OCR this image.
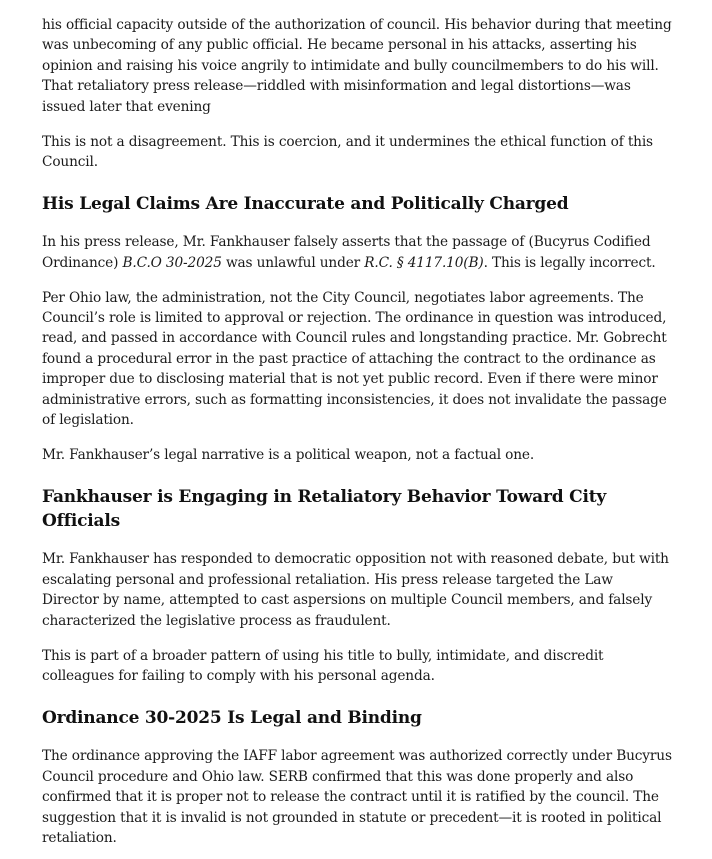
his official capacity outside of the authorization of council. His behavior during that meeting was unbecoming of any public official. He became personal in his attacks, asserting his opinion and raising his voice angrily to intimidate and bully councilmembers to do his will. That retaliatory press release—riddled with misinformation and legal distortions—was issued later that evening

This is not a disagreement. This is coercion, and it undermines the ethical function of this Council.

His Legal Claims Are Inaccurate and Politically Charged

In his press release, Mr. Fankhauser falsely asserts that the passage of (Bucyrus Codified Ordinance) B.C.O 30-2025 was unlawful under R.C. § 4117.10(B). This is legally incorrect.

Per Ohio law, the administration, not the City Council, negotiates labor agreements. The Council’s role is limited to approval or rejection. The ordinance in question was introduced, read, and passed in accordance with Council rules and longstanding practice. Mr. Gobrecht found a procedural error in the past practice of attaching the contract to the ordinance as improper due to disclosing material that is not yet public record. Even if there were minor administrative errors, such as formatting inconsistencies, it does not invalidate the passage of legislation.

Mr. Fankhauser’s legal narrative is a political weapon, not a factual one.

Fankhauser is Engaging in Retaliatory Behavior Toward City Officials

Mr. Fankhauser has responded to democratic opposition not with reasoned debate, but with escalating personal and professional retaliation. His press release targeted the Law Director by name, attempted to cast aspersions on multiple Council members, and falsely characterized the legislative process as fraudulent.

This is part of a broader pattern of using his title to bully, intimidate, and discredit colleagues for failing to comply with his personal agenda.

Ordinance 30-2025 Is Legal and Binding

The ordinance approving the IAFF labor agreement was authorized correctly under Bucyrus Council procedure and Ohio law. SERB confirmed that this was done properly and also confirmed that it is proper not to release the contract until it is ratified by the council. The suggestion that it is invalid is not grounded in statute or precedent—it is rooted in political retaliation.
